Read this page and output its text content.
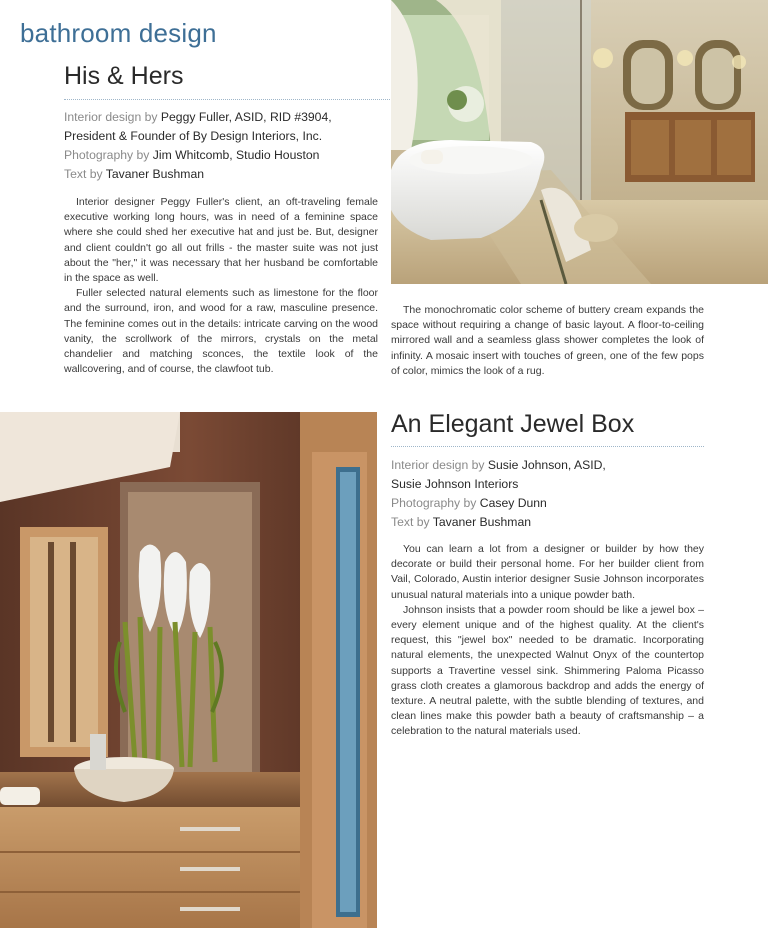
bathroom design
His & Hers
Interior design by Peggy Fuller, ASID, RID #3904,
President & Founder of By Design Interiors, Inc.
Photography by Jim Whitcomb, Studio Houston
Text by Tavaner Bushman

Interior designer Peggy Fuller's client, an oft-traveling female executive working long hours, was in need of a feminine space where she could shed her executive hat and just be. But, designer and client couldn't go all out frills - the master suite was not just about the "her," it was necessary that her husband be comfortable in the space as well.

Fuller selected natural elements such as limestone for the floor and the surround, iron, and wood for a raw, masculine presence. The feminine comes out in the details: intricate carving on the wood vanity, the scrollwork of the mirrors, crystals on the metal chandelier and matching sconces, the textile look of the wallcovering, and of course, the clawfoot tub.

The monochromatic color scheme of buttery cream expands the space without requiring a change of basic layout. A floor-to-ceiling mirrored wall and a seamless glass shower completes the look of infinity. A mosaic insert with touches of green, one of the few pops of color, mimics the look of a rug.
An Elegant Jewel Box
Interior design by Susie Johnson, ASID,
Susie Johnson Interiors
Photography by Casey Dunn
Text by Tavaner Bushman

You can learn a lot from a designer or builder by how they decorate or build their personal home. For her builder client from Vail, Colorado, Austin interior designer Susie Johnson incorporates unusual natural materials into a unique powder bath.

Johnson insists that a powder room should be like a jewel box – every element unique and of the highest quality. At the client's request, this "jewel box" needed to be dramatic. Incorporating natural elements, the unexpected Walnut Onyx of the countertop supports a Travertine vessel sink. Shimmering Paloma Picasso grass cloth creates a glamorous backdrop and adds the energy of texture. A neutral palette, with the subtle blending of textures, and clean lines make this powder bath a beauty of craftsmanship – a celebration to the natural materials used.
